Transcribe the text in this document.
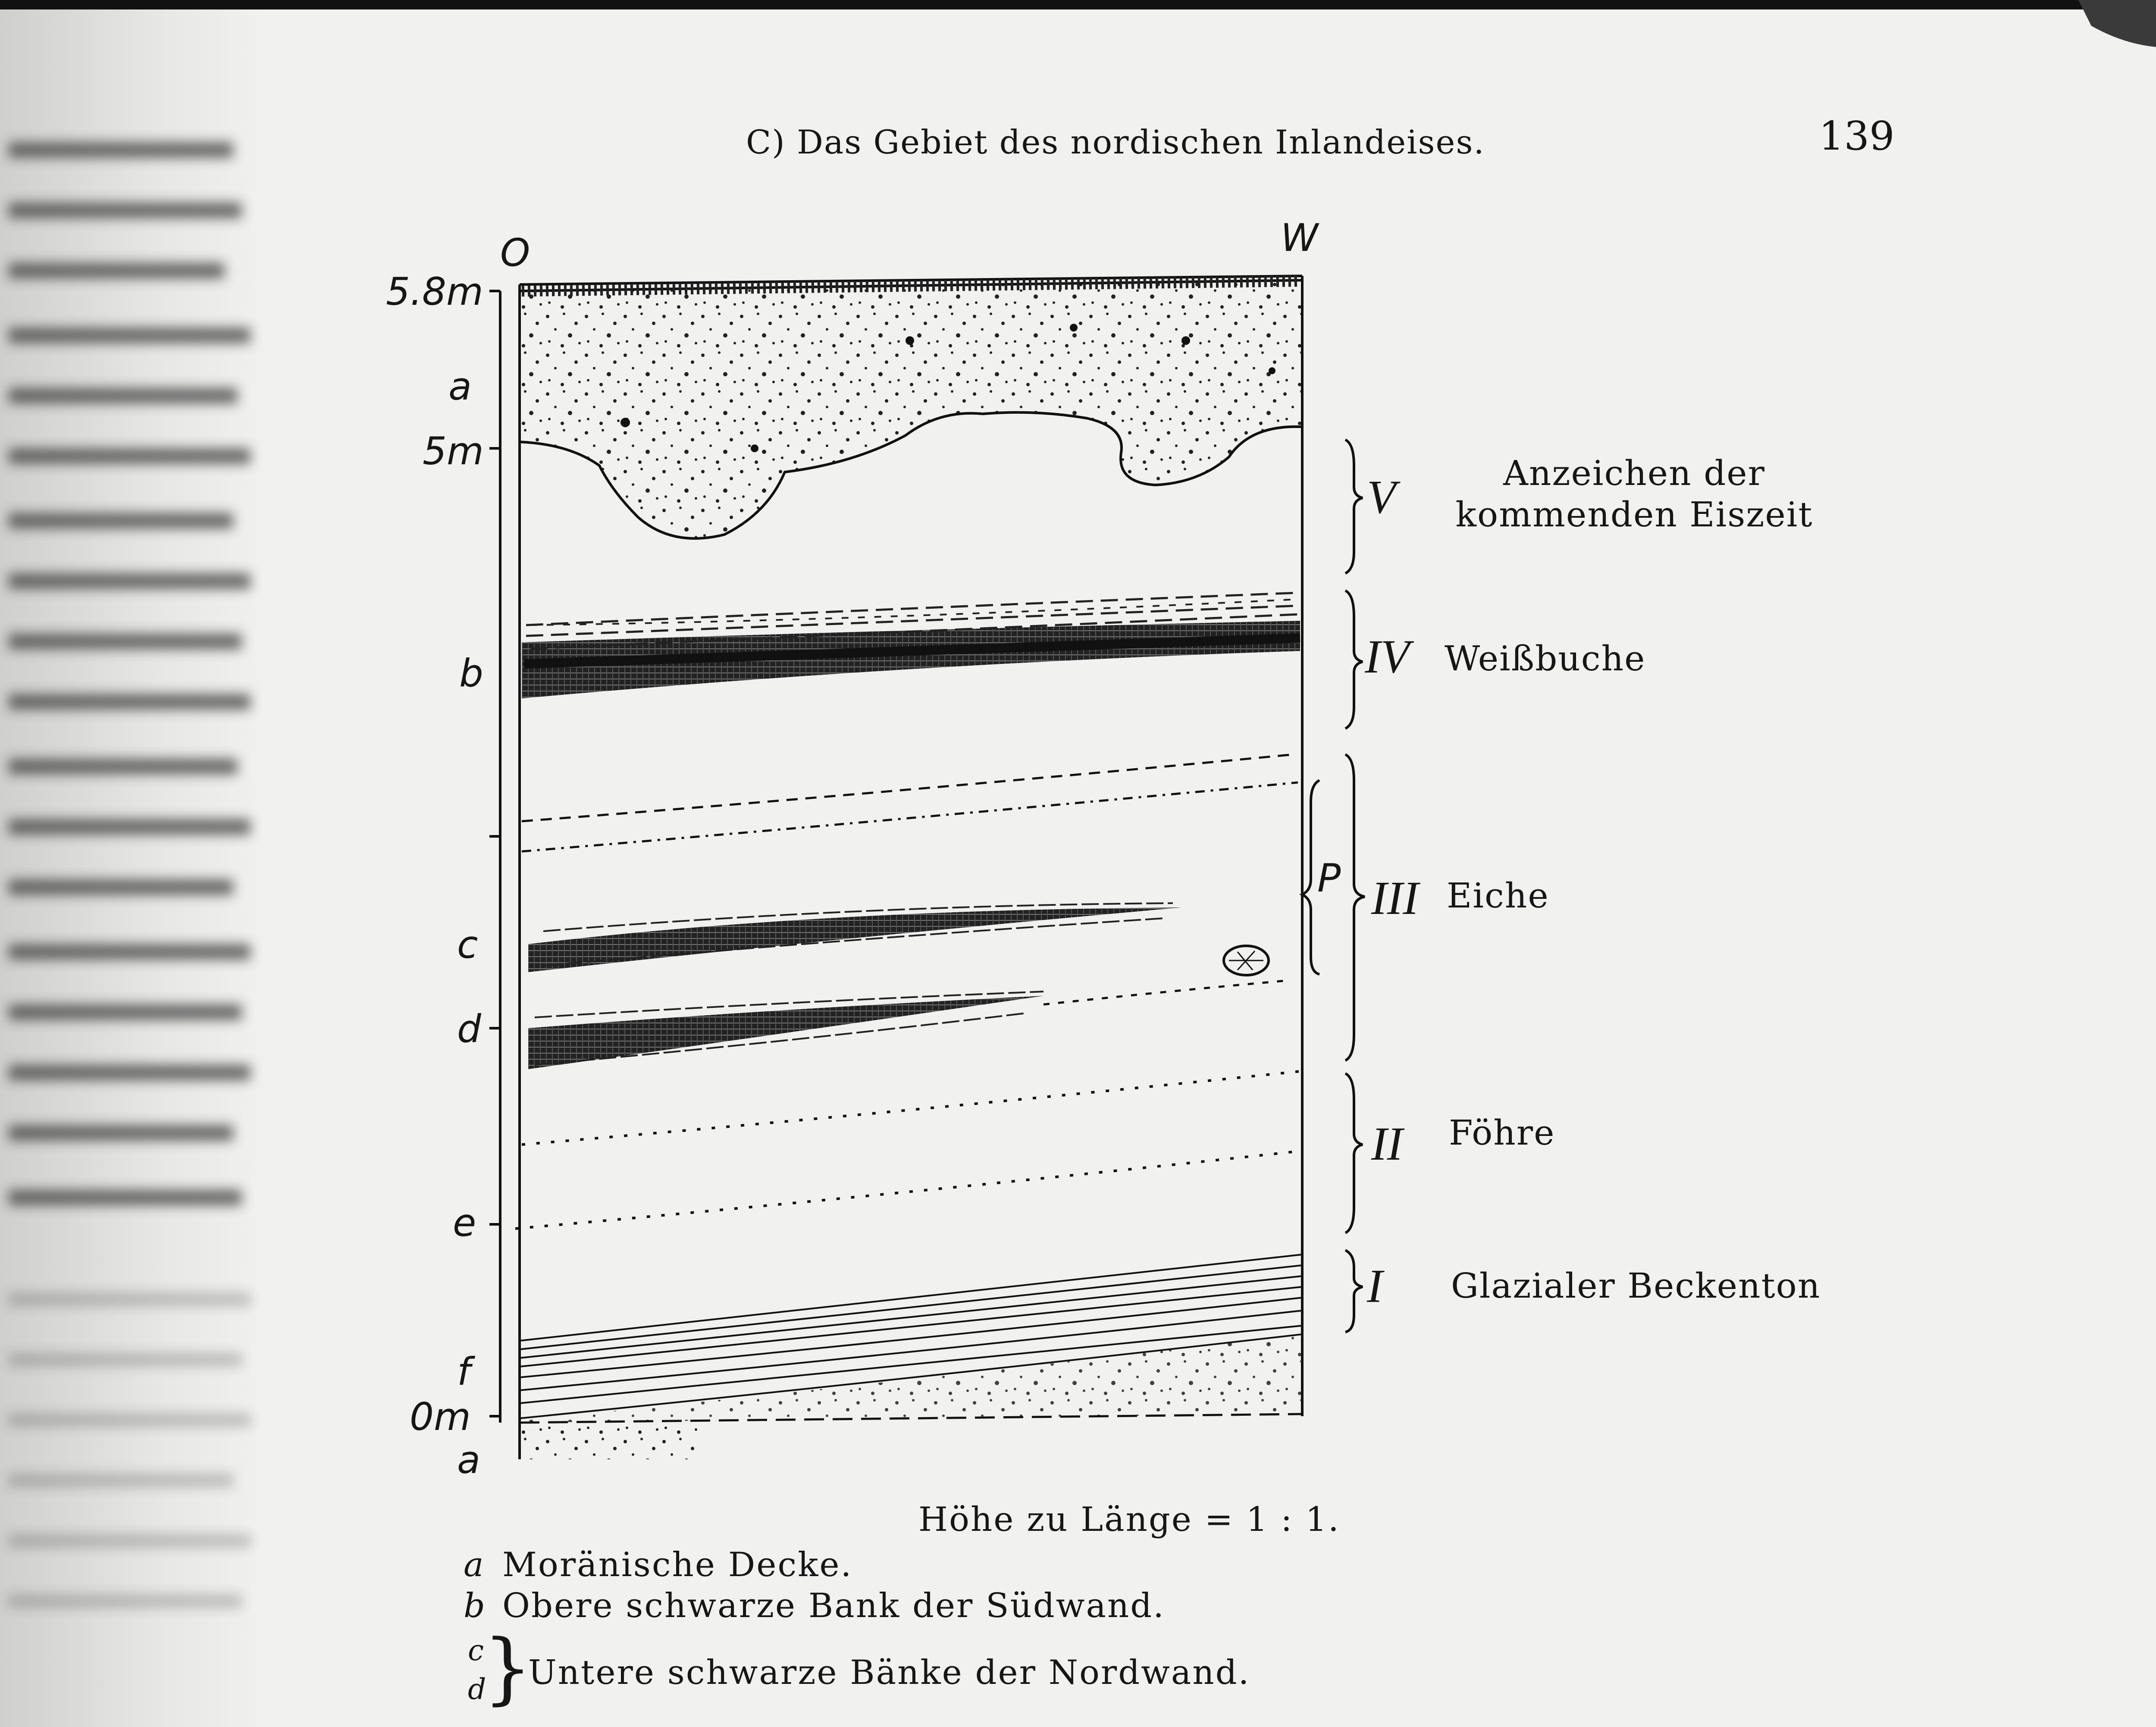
C) Das Gebiet des nordischen Inlandeises.	139
O	W
5.8m
a
5m
b
c
d
e
f
0m
a
P
V
IV
III
II
I
Anzeichen der kommenden Eiszeit
Weißbuche
Eiche
Föhre
Glazialer Beckenton
Höhe zu Länge = 1 : 1.
a Moränische Decke.
b Obere schwarze Bank der Südwand.
c
d
}
Untere schwarze Bänke der Nordwand.
